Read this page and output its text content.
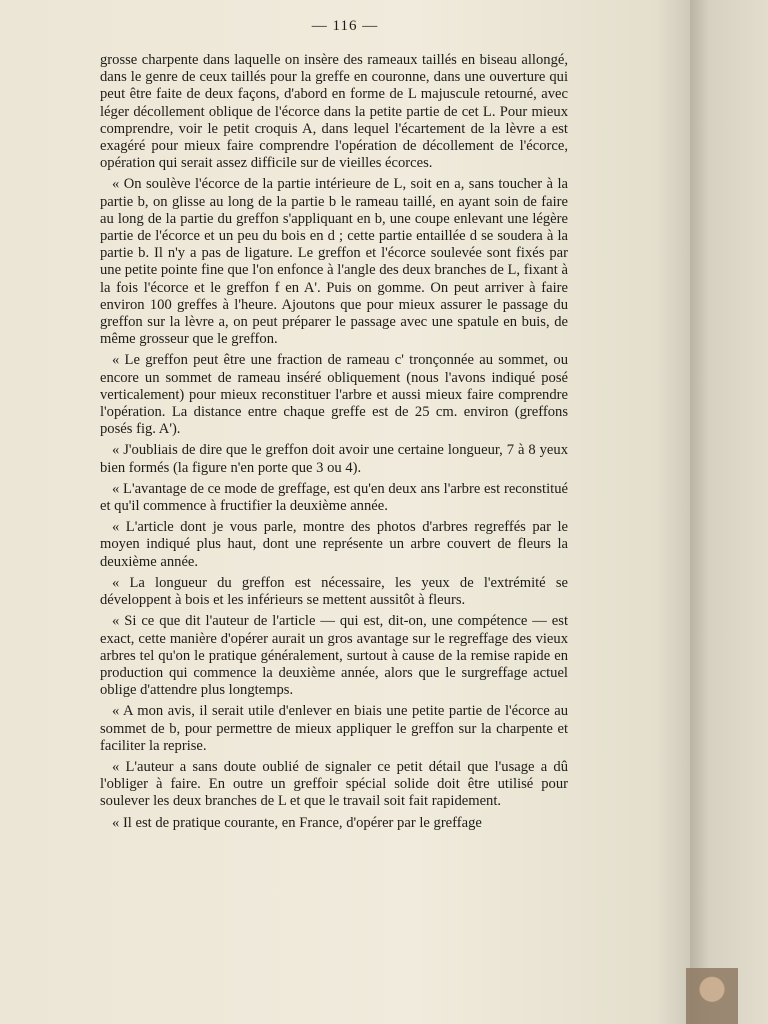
— 116 —

grosse charpente dans laquelle on insère des rameaux taillés en biseau allongé, dans le genre de ceux taillés pour la greffe en couronne, dans une ouverture qui peut être faite de deux façons, d'abord en forme de L majuscule retourné, avec léger décollement oblique de l'écorce dans la petite partie de cet L. Pour mieux comprendre, voir le petit croquis A, dans lequel l'écartement de la lèvre a est exagéré pour mieux faire comprendre l'opération de décollement de l'écorce, opération qui serait assez difficile sur de vieilles écorces.

« On soulève l'écorce de la partie intérieure de L, soit en a, sans toucher à la partie b, on glisse au long de la partie b le rameau taillé, en ayant soin de faire au long de la partie du greffon s'appliquant en b, une coupe enlevant une légère partie de l'écorce et un peu du bois en d ; cette partie entaillée d se soudera à la partie b. Il n'y a pas de ligature. Le greffon et l'écorce soulevée sont fixés par une petite pointe fine que l'on enfonce à l'angle des deux branches de L, fixant à la fois l'écorce et le greffon f en A'. Puis on gomme. On peut arriver à faire environ 100 greffes à l'heure. Ajoutons que pour mieux assurer le passage du greffon sur la lèvre a, on peut préparer le passage avec une spatule en buis, de même grosseur que le greffon.

« Le greffon peut être une fraction de rameau c' tronçonnée au sommet, ou encore un sommet de rameau inséré obliquement (nous l'avons indiqué posé verticalement) pour mieux reconstituer l'arbre et aussi mieux faire comprendre l'opération. La distance entre chaque greffe est de 25 cm. environ (greffons posés fig. A').

« J'oubliais de dire que le greffon doit avoir une certaine longueur, 7 à 8 yeux bien formés (la figure n'en porte que 3 ou 4).

« L'avantage de ce mode de greffage, est qu'en deux ans l'arbre est reconstitué et qu'il commence à fructifier la deuxième année.

« L'article dont je vous parle, montre des photos d'arbres regreffés par le moyen indiqué plus haut, dont une représente un arbre couvert de fleurs la deuxième année.

« La longueur du greffon est nécessaire, les yeux de l'extrémité se développent à bois et les inférieurs se mettent aussitôt à fleurs.

« Si ce que dit l'auteur de l'article — qui est, dit-on, une compétence — est exact, cette manière d'opérer aurait un gros avantage sur le regreffage des vieux arbres tel qu'on le pratique généralement, surtout à cause de la remise rapide en production qui commence la deuxième année, alors que le surgreffage actuel oblige d'attendre plus longtemps.

« A mon avis, il serait utile d'enlever en biais une petite partie de l'écorce au sommet de b, pour permettre de mieux appliquer le greffon sur la charpente et faciliter la reprise.

« L'auteur a sans doute oublié de signaler ce petit détail que l'usage a dû l'obliger à faire. En outre un greffoir spécial solide doit être utilisé pour soulever les deux branches de L et que le travail soit fait rapidement.

« Il est de pratique courante, en France, d'opérer par le greffage
